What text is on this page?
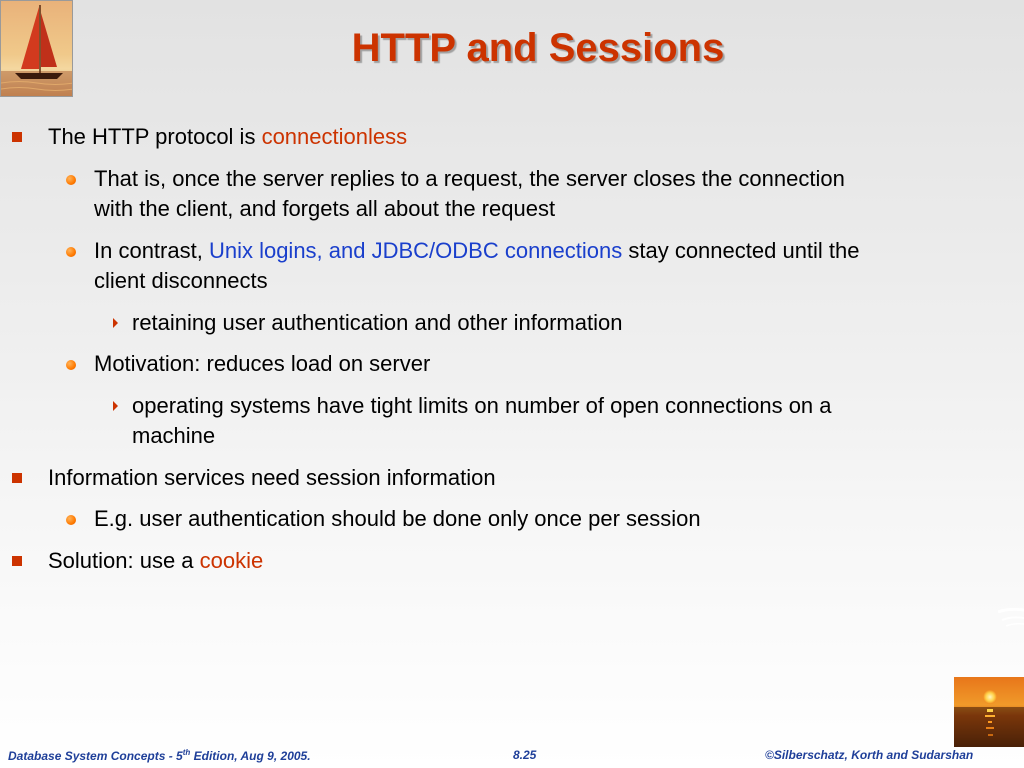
HTTP and Sessions
The HTTP protocol is connectionless
That is, once the server replies to a request, the server closes the connection
with the client, and forgets all about the request
In contrast, Unix logins, and JDBC/ODBC connections stay connected until the
client disconnects
retaining user authentication and other information
Motivation: reduces load on server
operating systems have tight limits on number of open connections on a
machine
Information services need session information
E.g. user authentication should be done only once per session
Solution: use a cookie
Database System Concepts - 5th Edition, Aug 9, 2005.	8.25	©Silberschatz, Korth and Sudarshan
